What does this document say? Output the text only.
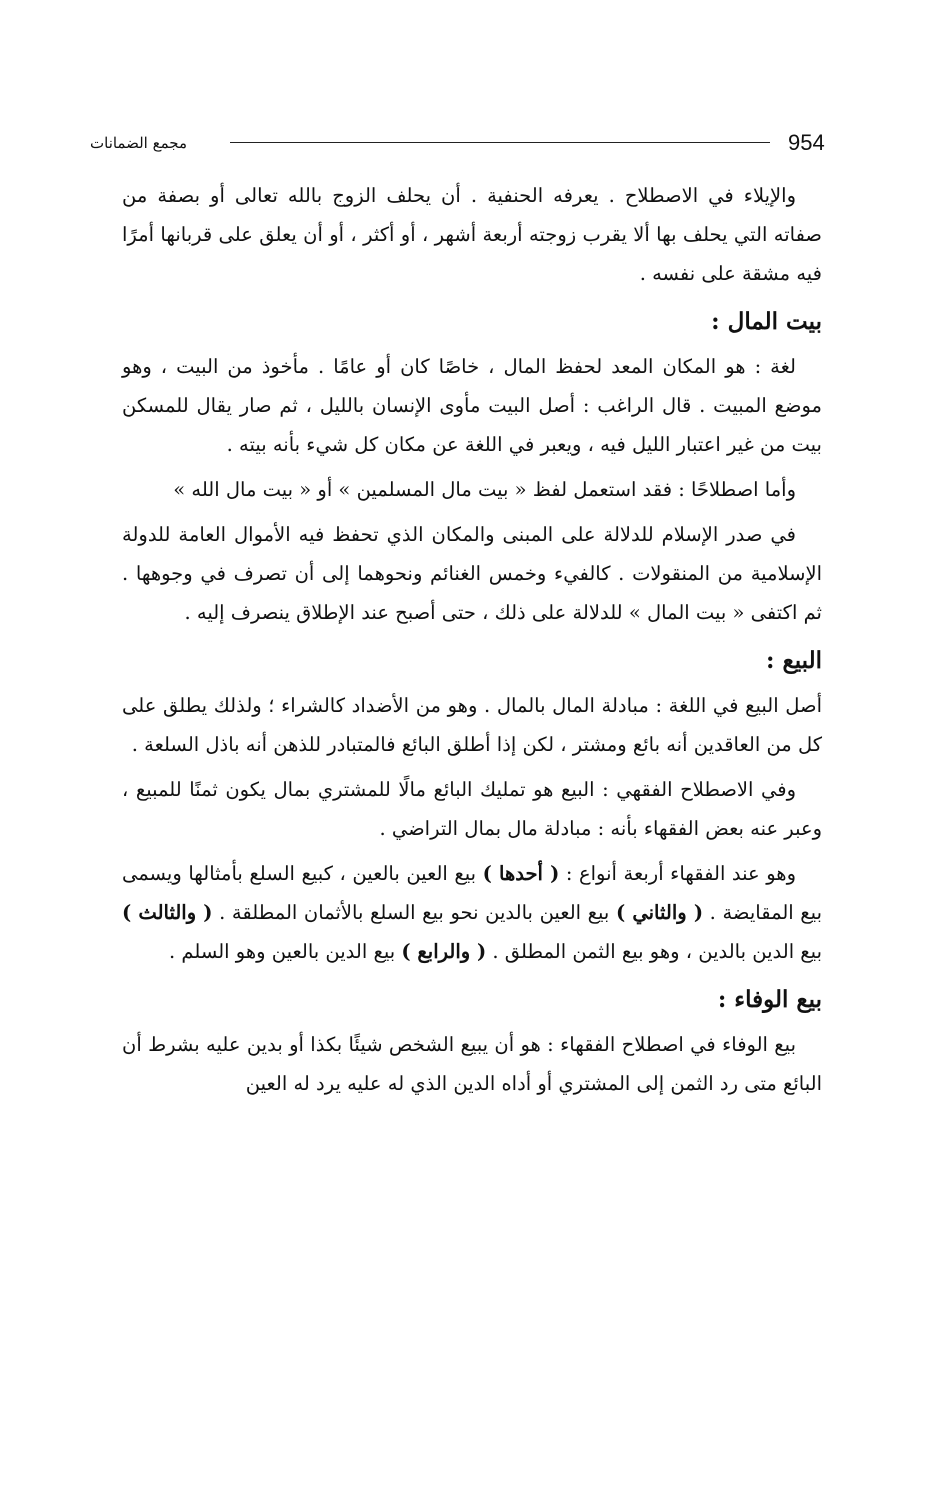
954
مجمع الضمانات

والإيلاء في الاصطلاح . يعرفه الحنفية . أن يحلف الزوج بالله تعالى أو بصفة من صفاته التي يحلف بها ألا يقرب زوجته أربعة أشهر ، أو أكثر ، أو أن يعلق على قربانها أمرًا فيه مشقة على نفسه .

بيت المال :

لغة : هو المكان المعد لحفظ المال ، خاصًا كان أو عامًا . مأخوذ من البيت ، وهو موضع المبيت . قال الراغب : أصل البيت مأوى الإنسان بالليل ، ثم صار يقال للمسكن بيت من غير اعتبار الليل فيه ، ويعبر في اللغة عن مكان كل شيء بأنه بيته .

وأما اصطلاحًا : فقد استعمل لفظ « بيت مال المسلمين » أو « بيت مال الله »

في صدر الإسلام للدلالة على المبنى والمكان الذي تحفظ فيه الأموال العامة للدولة الإسلامية من المنقولات . كالفيء وخمس الغنائم ونحوهما إلى أن تصرف في وجوهها . ثم اكتفى « بيت المال » للدلالة على ذلك ، حتى أصبح عند الإطلاق ينصرف إليه .

البيع :

أصل البيع في اللغة : مبادلة المال بالمال . وهو من الأضداد كالشراء ؛ ولذلك يطلق على كل من العاقدين أنه بائع ومشتر ، لكن إذا أطلق البائع فالمتبادر للذهن أنه باذل السلعة .

وفي الاصطلاح الفقهي : البيع هو تمليك البائع مالًا للمشتري بمال يكون ثمنًا للمبيع ، وعبر عنه بعض الفقهاء بأنه : مبادلة مال بمال التراضي .

وهو عند الفقهاء أربعة أنواع : ( أحدها ) بيع العين بالعين ، كبيع السلع بأمثالها ويسمى بيع المقايضة . ( والثاني ) بيع العين بالدين نحو بيع السلع بالأثمان المطلقة . ( والثالث ) بيع الدين بالدين ، وهو بيع الثمن المطلق . ( والرابع ) بيع الدين بالعين وهو السلم .

بيع الوفاء :

بيع الوفاء في اصطلاح الفقهاء : هو أن يبيع الشخص شيئًا بكذا أو بدين عليه بشرط أن البائع متى رد الثمن إلى المشتري أو أداه الدين الذي له عليه يرد له العين
